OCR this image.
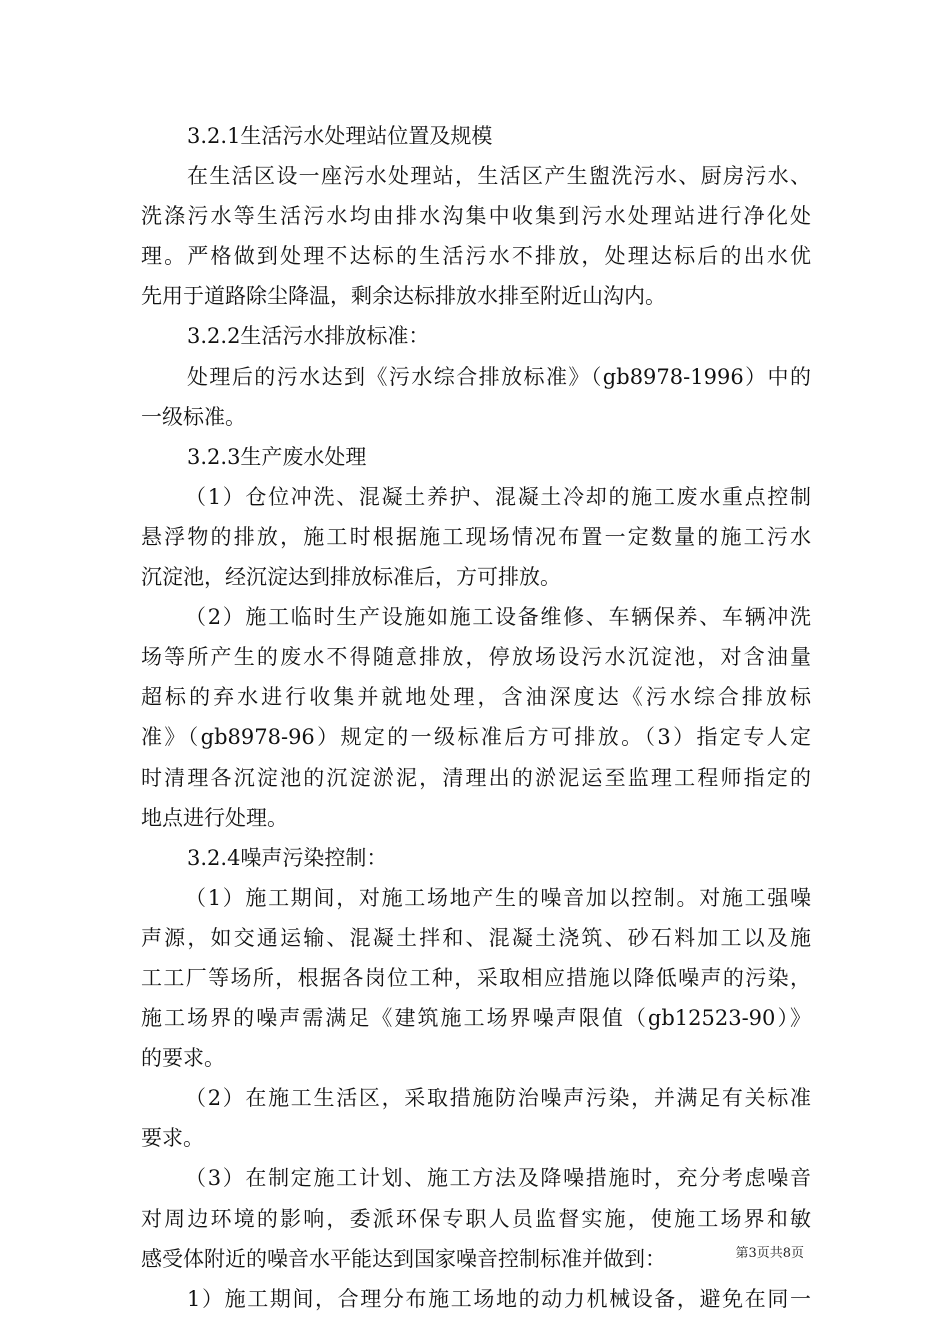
3.2.1生活污水处理站位置及规模
在生活区设一座污水处理站，生活区产生盥洗污水、厨房污水、
洗涤污水等生活污水均由排水沟集中收集到污水处理站进行净化处
理。严格做到处理不达标的生活污水不排放，处理达标后的出水优
先用于道路除尘降温，剩余达标排放水排至附近山沟内。
3.2.2生活污水排放标准：
处理后的污水达到《污水综合排放标准》（gb8978-1996）中的
一级标准。
3.2.3生产废水处理
（1）仓位冲洗、混凝土养护、混凝土冷却的施工废水重点控制
悬浮物的排放，施工时根据施工现场情况布置一定数量的施工污水
沉淀池，经沉淀达到排放标准后，方可排放。
（2）施工临时生产设施如施工设备维修、车辆保养、车辆冲洗
场等所产生的废水不得随意排放，停放场设污水沉淀池，对含油量
超标的弃水进行收集并就地处理，含油深度达《污水综合排放标
准》（gb8978-96）规定的一级标准后方可排放。（3）指定专人定
时清理各沉淀池的沉淀淤泥，清理出的淤泥运至监理工程师指定的
地点进行处理。
3.2.4噪声污染控制：
（1）施工期间，对施工场地产生的噪音加以控制。对施工强噪
声源，如交通运输、混凝土拌和、混凝土浇筑、砂石料加工以及施
工工厂等场所，根据各岗位工种，采取相应措施以降低噪声的污染，
施工场界的噪声需满足《建筑施工场界噪声限值（gb12523-90）》
的要求。
（2）在施工生活区，采取措施防治噪声污染，并满足有关标准
要求。
（3）在制定施工计划、施工方法及降噪措施时，充分考虑噪音
对周边环境的影响，委派环保专职人员监督实施，使施工场界和敏
感受体附近的噪音水平能达到国家噪音控制标准并做到：
1）施工期间，合理分布施工场地的动力机械设备，避免在同一
第3页共8页
